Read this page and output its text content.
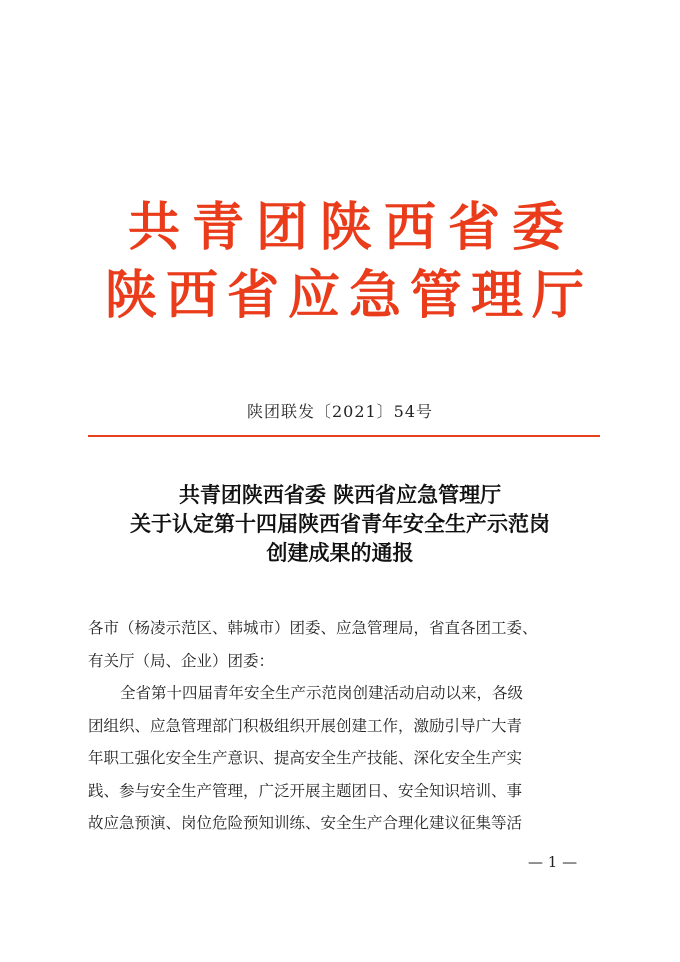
共青团陕西省委
陕西省应急管理厅
陕团联发〔2021〕54号
共青团陕西省委 陕西省应急管理厅
关于认定第十四届陕西省青年安全生产示范岗
创建成果的通报
各市（杨凌示范区、韩城市）团委、应急管理局，省直各团工委、
有关厅（局、企业）团委：
全省第十四届青年安全生产示范岗创建活动启动以来，各级
团组织、应急管理部门积极组织开展创建工作，激励引导广大青
年职工强化安全生产意识、提高安全生产技能、深化安全生产实
践、参与安全生产管理，广泛开展主题团日、安全知识培训、事
故应急预演、岗位危险预知训练、安全生产合理化建议征集等活
— 1 —
